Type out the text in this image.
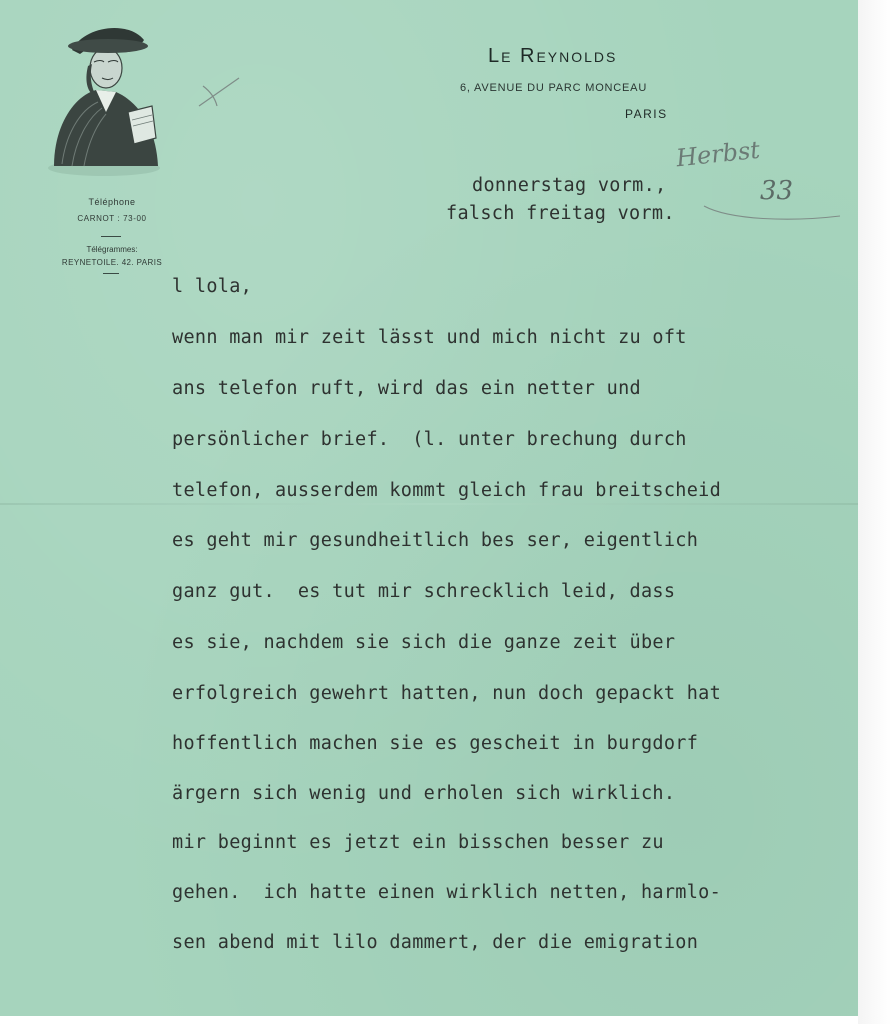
Téléphone
CARNOT : 73-00
Télégrammes:
REYNETOILE. 42. PARIS
Le Reynolds
6, AVENUE DU PARC MONCEAU
PARIS
Herbst
33
donnerstag vorm.,
falsch freitag vorm.
l lola,
wenn man mir zeit lässt und mich nicht zu oft
ans telefon ruft, wird das ein netter und
persönlicher brief.  (l. unter brechung durch
telefon, ausserdem kommt gleich frau breitscheid
es geht mir gesundheitlich bes ser, eigentlich
ganz gut.  es tut mir schrecklich leid, dass
es sie, nachdem sie sich die ganze zeit über
erfolgreich gewehrt hatten, nun doch gepackt hat
hoffentlich machen sie es gescheit in burgdorf
ärgern sich wenig und erholen sich wirklich.
mir beginnt es jetzt ein bisschen besser zu
gehen.  ich hatte einen wirklich netten, harmlo-
sen abend mit lilo dammert, der die emigration
